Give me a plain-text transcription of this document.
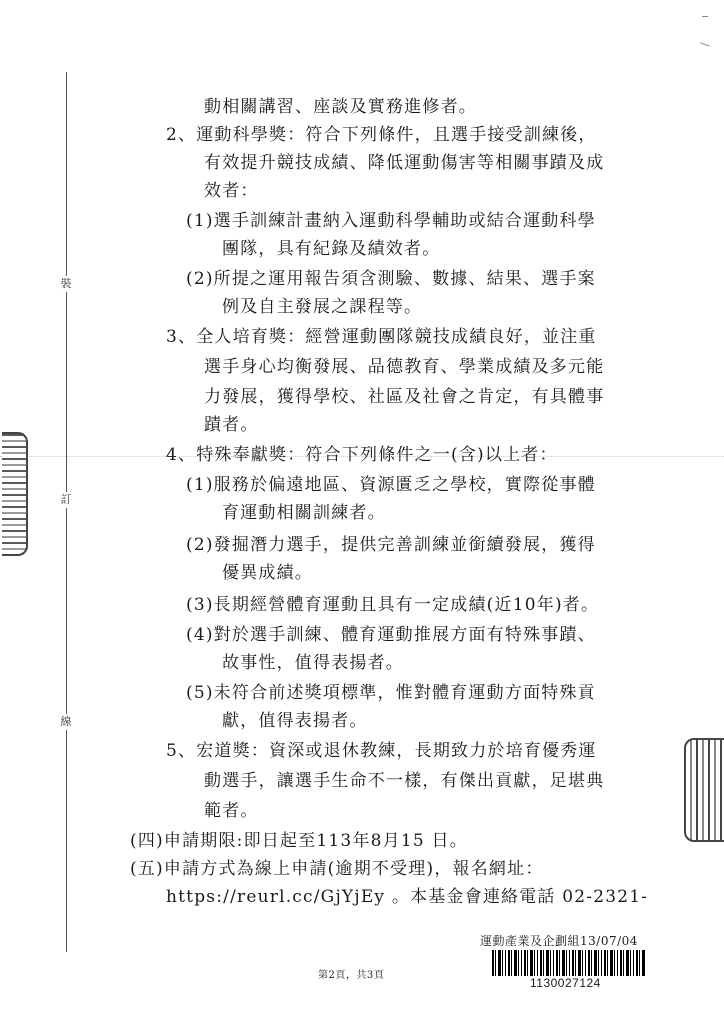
裝
訂
線
動相關講習、座談及實務進修者。
2、運動科學獎：符合下列條件，且選手接受訓練後，
有效提升競技成績、降低運動傷害等相關事蹟及成
效者：
(1)選手訓練計畫納入運動科學輔助或結合運動科學
團隊，具有紀錄及績效者。
(2)所提之運用報告須含測驗、數據、結果、選手案
例及自主發展之課程等。
3、全人培育獎：經營運動團隊競技成績良好，並注重
選手身心均衡發展、品德教育、學業成績及多元能
力發展，獲得學校、社區及社會之肯定，有具體事
蹟者。
4、特殊奉獻獎：符合下列條件之一(含)以上者：
(1)服務於偏遠地區、資源匱乏之學校，實際從事體
育運動相關訓練者。
(2)發掘潛力選手，提供完善訓練並銜續發展，獲得
優異成績。
(3)長期經營體育運動且具有一定成績(近10年)者。
(4)對於選手訓練、體育運動推展方面有特殊事蹟、
故事性，值得表揚者。
(5)未符合前述獎項標準，惟對體育運動方面特殊貢
獻，值得表揚者。
5、宏道獎：資深或退休教練，長期致力於培育優秀運
動選手，讓選手生命不一樣，有傑出貢獻，足堪典
範者。
(四)申請期限:即日起至113年8月15 日。
(五)申請方式為線上申請(逾期不受理)，報名網址：
https://reurl.cc/GjYjEy 。本基金會連絡電話 02-2321-
運動產業及企劃組13/07/04
1130027124
第2頁，共3頁
